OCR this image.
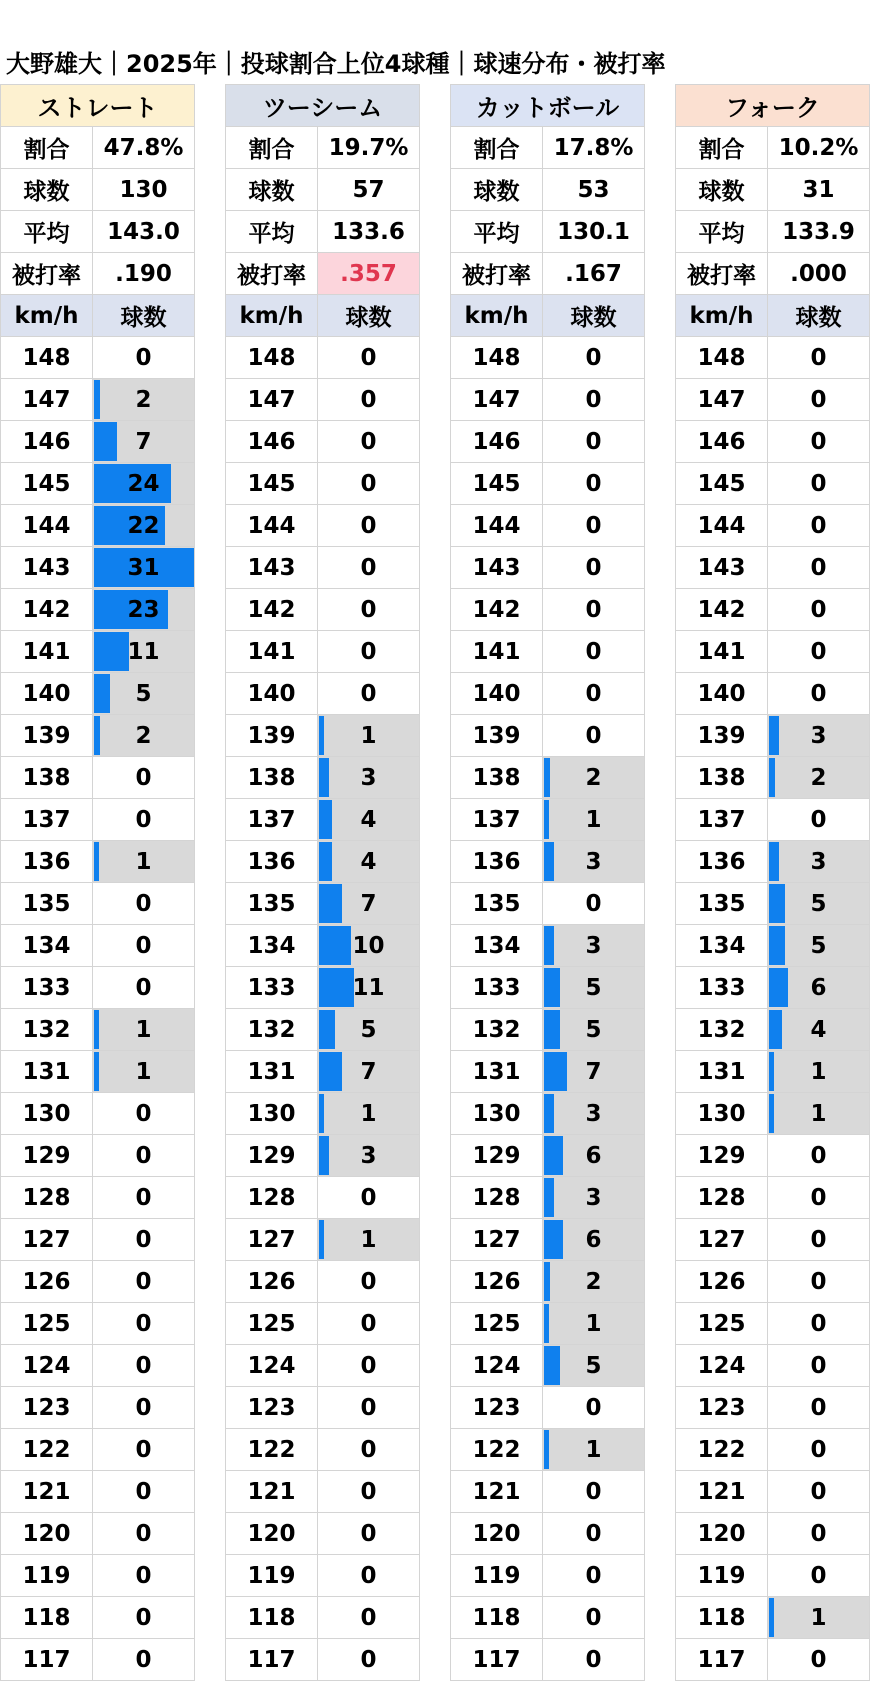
大野雄大｜2025年｜投球割合上位4球種｜球速分布・被打率
ストレート	
割合	47.8%
球数	130
平均	143.0
被打率	.190
km/h	球数
148	0
147	2
146	7
145	24
144	22
143	31
142	23
141	11
140	5
139	2
138	0
137	0
136	1
135	0
134	0
133	0
132	1
131	1
130	0
129	0
128	0
127	0
126	0
125	0
124	0
123	0
122	0
121	0
120	0
119	0
118	0
117	0
ツーシーム	
割合	19.7%
球数	57
平均	133.6
被打率	.357
km/h	球数
148	0
147	0
146	0
145	0
144	0
143	0
142	0
141	0
140	0
139	1
138	3
137	4
136	4
135	7
134	10
133	11
132	5
131	7
130	1
129	3
128	0
127	1
126	0
125	0
124	0
123	0
122	0
121	0
120	0
119	0
118	0
117	0
カットボール	
割合	17.8%
球数	53
平均	130.1
被打率	.167
km/h	球数
148	0
147	0
146	0
145	0
144	0
143	0
142	0
141	0
140	0
139	0
138	2
137	1
136	3
135	0
134	3
133	5
132	5
131	7
130	3
129	6
128	3
127	6
126	2
125	1
124	5
123	0
122	1
121	0
120	0
119	0
118	0
117	0
フォーク	
割合	10.2%
球数	31
平均	133.9
被打率	.000
km/h	球数
148	0
147	0
146	0
145	0
144	0
143	0
142	0
141	0
140	0
139	3
138	2
137	0
136	3
135	5
134	5
133	6
132	4
131	1
130	1
129	0
128	0
127	0
126	0
125	0
124	0
123	0
122	0
121	0
120	0
119	0
118	1
117	0
